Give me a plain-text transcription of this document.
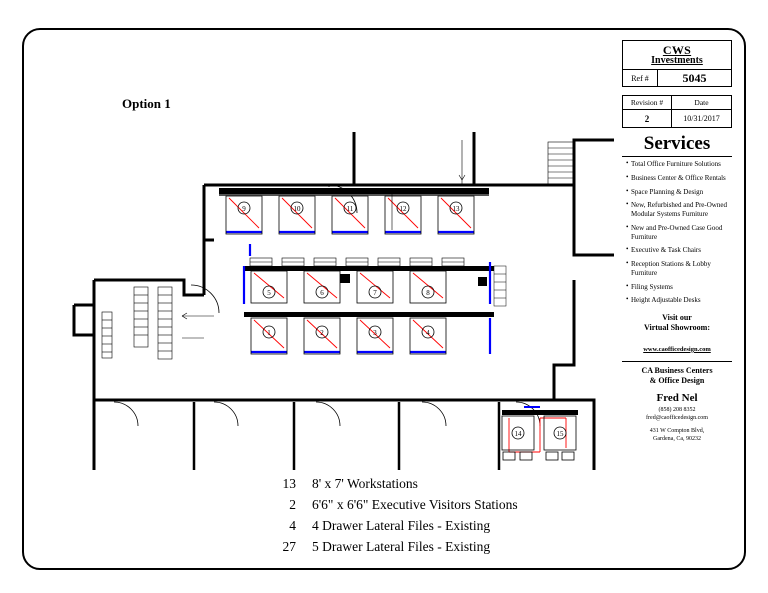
Option 1
9	10	11	12	13
5	6	7	8
1	2	3	4
14	15
13	8' x 7' Workstations
2	6'6" x 6'6" Executive Visitors Stations
4	4 Drawer Lateral Files - Existing
27	5 Drawer Lateral Files - Existing
CWS
Investments
Ref #	5045
Revision #	Date
2	10/31/2017
Services
• Total Office Furniture Solutions
• Business Center & Office Rentals
• Space Planning & Design
• New, Refurbished and Pre-Owned Modular Systems Furniture
• New and Pre-Owned Case Good Furniture
• Executive & Task Chairs
• Reception Stations & Lobby Furniture
• Filing Systems
• Height Adjustable Desks
Visit our
Virtual Showroom:
www.caofficedesign.com
CA Business Centers
& Office Design
Fred Nel
(858) 208 8352
fred@caofficedesign.com
431 W Compton Blvd,
Gardena, Ca, 90232
